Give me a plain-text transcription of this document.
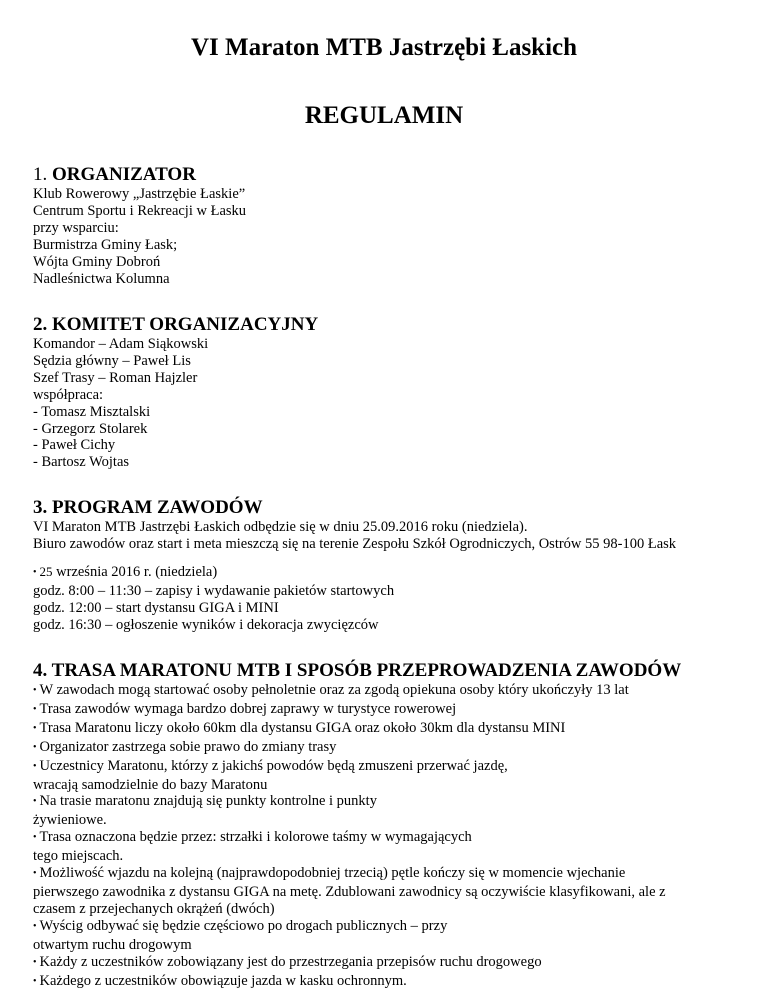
VI Maraton MTB Jastrzębi Łaskich
REGULAMIN

1. ORGANIZATOR

Klub Rowerowy „Jastrzębie Łaskie”

Centrum Sportu i Rekreacji w Łasku

przy wsparciu:

Burmistrza Gminy Łask;

Wójta Gminy Dobroń

Nadleśnictwa Kolumna

2. KOMITET ORGANIZACYJNY

Komandor – Adam Siąkowski

Sędzia główny – Paweł Lis

Szef Trasy – Roman Hajzler

współpraca:

- Tomasz Misztalski

- Grzegorz Stolarek

- Paweł Cichy

- Bartosz Wojtas

3. PROGRAM ZAWODÓW

VI Maraton MTB Jastrzębi Łaskich odbędzie się w dniu 25.09.2016 roku (niedziela).

Biuro zawodów oraz start i meta mieszczą się na terenie Zespołu Szkół Ogrodniczych, Ostrów 55 98-100 Łask

• 25 września 2016 r. (niedziela)

godz. 8:00 – 11:30 – zapisy i wydawanie pakietów startowych

godz. 12:00 – start dystansu GIGA i MINI

godz. 16:30 – ogłoszenie wyników i dekoracja zwycięzców

4. TRASA MARATONU MTB I SPOSÓB PRZEPROWADZENIA ZAWODÓW

• W zawodach mogą startować osoby pełnoletnie oraz za zgodą opiekuna osoby który ukończyły 13 lat

• Trasa zawodów wymaga bardzo dobrej zaprawy w turystyce rowerowej

• Trasa Maratonu liczy około 60km dla dystansu GIGA oraz około 30km dla dystansu MINI

• Organizator zastrzega sobie prawo do zmiany trasy

• Uczestnicy Maratonu, którzy z jakichś powodów będą zmuszeni przerwać jazdę,

wracają samodzielnie do bazy Maratonu

• Na trasie maratonu znajdują się punkty kontrolne i punkty

żywieniowe.

• Trasa oznaczona będzie przez: strzałki i kolorowe taśmy w wymagających

tego miejscach.

• Możliwość wjazdu na kolejną (najprawdopodobniej trzecią) pętle kończy się w momencie wjechanie

pierwszego zawodnika z dystansu GIGA na metę. Zdublowani zawodnicy są oczywiście klasyfikowani, ale z

czasem z przejechanych okrążeń (dwóch)

• Wyścig odbywać się będzie częściowo po drogach publicznych – przy

otwartym ruchu drogowym

• Każdy z uczestników zobowiązany jest do przestrzegania przepisów ruchu drogowego

• Każdego z uczestników obowiązuje jazda w kasku ochronnym.
